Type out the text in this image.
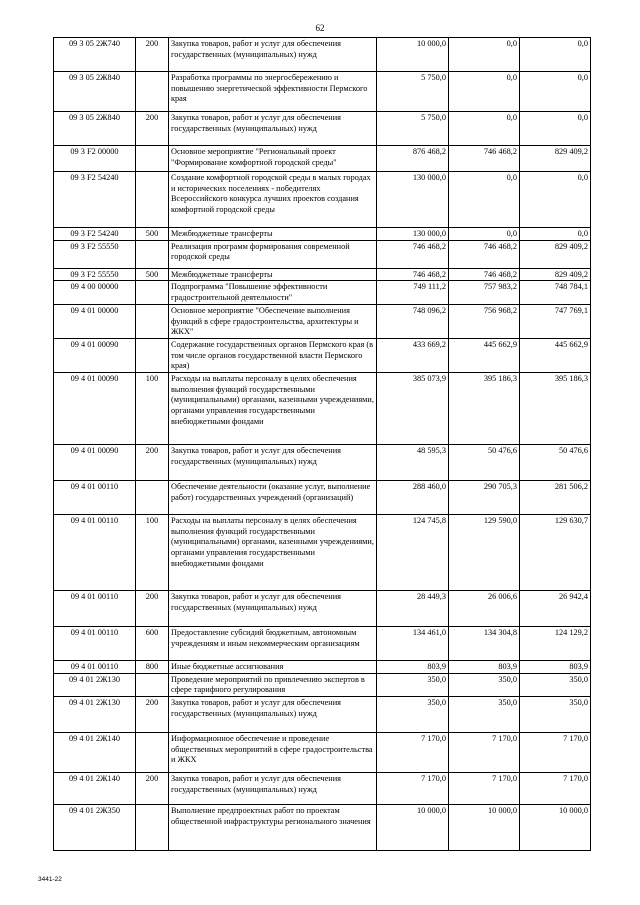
62
09 3 05 2Ж740	200	Закупка товаров, работ и услуг для обеспечения государственных (муниципальных) нужд	10 000,0	0,0	0,0
09 3 05 2Ж840		Разработка программы по энергосбережению и повышению энергетической эффективности Пермского края	5 750,0	0,0	0,0
09 3 05 2Ж840	200	Закупка товаров, работ и услуг для обеспечения государственных (муниципальных) нужд	5 750,0	0,0	0,0
09 3 F2 00000		Основное мероприятие "Региональный проект "Формирование комфортной городской среды"	876 468,2	746 468,2	829 409,2
09 3 F2 54240		Создание комфортной городской среды в малых городах и исторических поселениях - победителях Всероссийского конкурса лучших проектов создания комфортной городской среды	130 000,0	0,0	0,0
09 3 F2 54240	500	Межбюджетные трансферты	130 000,0	0,0	0,0
09 3 F2 55550		Реализация программ формирования современной городской среды	746 468,2	746 468,2	829 409,2
09 3 F2 55550	500	Межбюджетные трансферты	746 468,2	746 468,2	829 409,2
09 4 00 00000		Подпрограмма "Повышение эффективности градостроительной деятельности"	749 111,2	757 983,2	748 784,1
09 4 01 00000		Основное мероприятие "Обеспечение выполнения функций в сфере градостроительства, архитектуры и ЖКХ"	748 096,2	756 968,2	747 769,1
09 4 01 00090		Содержание государственных органов Пермского края (в том числе органов государственной власти Пермского края)	433 669,2	445 662,9	445 662,9
09 4 01 00090	100	Расходы на выплаты персоналу в целях обеспечения выполнения функций государственными (муниципальными) органами, казенными учреждениями, органами управления государственными внебюджетными фондами	385 073,9	395 186,3	395 186,3
09 4 01 00090	200	Закупка товаров, работ и услуг для обеспечения государственных (муниципальных) нужд	48 595,3	50 476,6	50 476,6
09 4 01 00110		Обеспечение деятельности (оказание услуг, выполнение работ) государственных учреждений (организаций)	288 460,0	290 705,3	281 506,2
09 4 01 00110	100	Расходы на выплаты персоналу в целях обеспечения выполнения функций государственными (муниципальными) органами, казенными учреждениями, органами управления государственными внебюджетными фондами	124 745,8	129 590,0	129 630,7
09 4 01 00110	200	Закупка товаров, работ и услуг для обеспечения государственных (муниципальных) нужд	28 449,3	26 006,6	26 942,4
09 4 01 00110	600	Предоставление субсидий бюджетным, автономным учреждениям и иным некоммерческим организациям	134 461,0	134 304,8	124 129,2
09 4 01 00110	800	Иные бюджетные ассигнования	803,9	803,9	803,9
09 4 01 2Ж130		Проведение мероприятий по привлечению экспертов в сфере тарифного регулирования	350,0	350,0	350,0
09 4 01 2Ж130	200	Закупка товаров, работ и услуг для обеспечения государственных (муниципальных) нужд	350,0	350,0	350,0
09 4 01 2Ж140		Информационное обеспечение и проведение общественных мероприятий в сфере градостроительства и ЖКХ	7 170,0	7 170,0	7 170,0
09 4 01 2Ж140	200	Закупка товаров, работ и услуг для обеспечения государственных (муниципальных) нужд	7 170,0	7 170,0	7 170,0
09 4 01 2Ж350		Выполнение предпроектных работ по проектам общественной инфраструктуры регионального значения	10 000,0	10 000,0	10 000,0
3441-22
